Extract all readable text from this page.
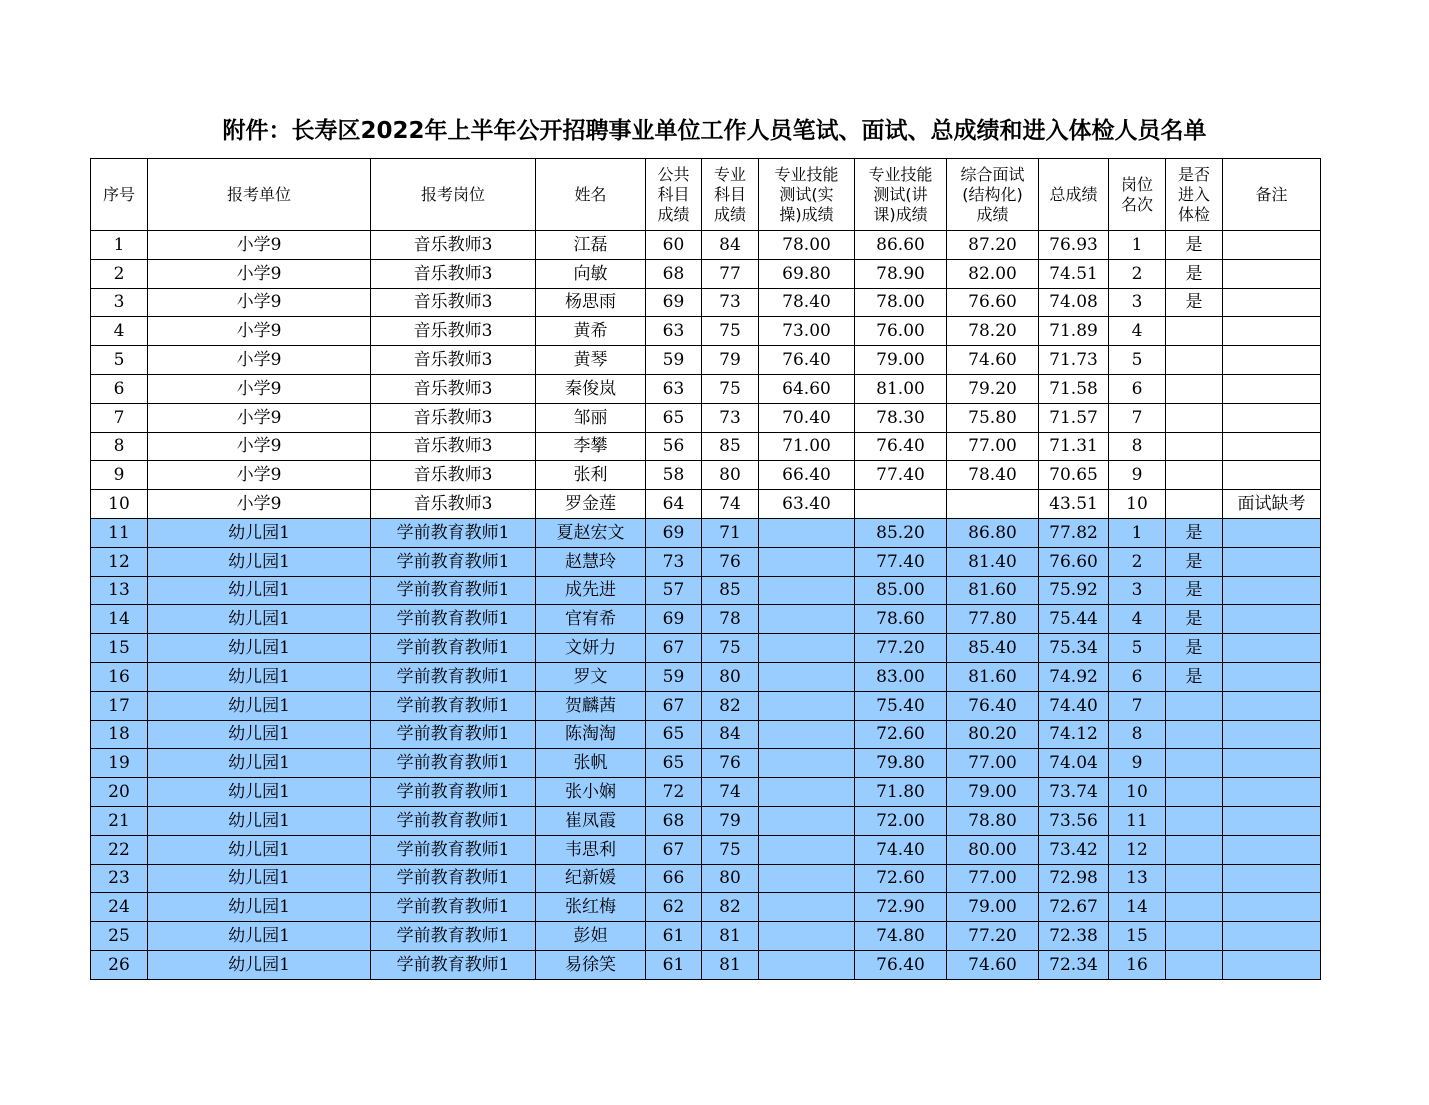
附件：长寿区2022年上半年公开招聘事业单位工作人员笔试、面试、总成绩和进入体检人员名单
序号	报考单位	报考岗位	姓名	公共
科目
成绩	专业
科目
成绩	专业技能
测试(实
操)成绩	专业技能
测试(讲
课)成绩	综合面试
(结构化)
成绩	总成绩	岗位
名次	是否
进入
体检	备注
1	小学9	音乐教师3	江磊	60	84	78.00	86.60	87.20	76.93	1	是	
2	小学9	音乐教师3	向敏	68	77	69.80	78.90	82.00	74.51	2	是	
3	小学9	音乐教师3	杨思雨	69	73	78.40	78.00	76.60	74.08	3	是	
4	小学9	音乐教师3	黄希	63	75	73.00	76.00	78.20	71.89	4		
5	小学9	音乐教师3	黄琴	59	79	76.40	79.00	74.60	71.73	5		
6	小学9	音乐教师3	秦俊岚	63	75	64.60	81.00	79.20	71.58	6		
7	小学9	音乐教师3	邹丽	65	73	70.40	78.30	75.80	71.57	7		
8	小学9	音乐教师3	李攀	56	85	71.00	76.40	77.00	71.31	8		
9	小学9	音乐教师3	张利	58	80	66.40	77.40	78.40	70.65	9		
10	小学9	音乐教师3	罗金莲	64	74	63.40			43.51	10		面试缺考
11	幼儿园1	学前教育教师1	夏赵宏文	69	71		85.20	86.80	77.82	1	是	
12	幼儿园1	学前教育教师1	赵慧玲	73	76		77.40	81.40	76.60	2	是	
13	幼儿园1	学前教育教师1	成先进	57	85		85.00	81.60	75.92	3	是	
14	幼儿园1	学前教育教师1	官宥希	69	78		78.60	77.80	75.44	4	是	
15	幼儿园1	学前教育教师1	文妍力	67	75		77.20	85.40	75.34	5	是	
16	幼儿园1	学前教育教师1	罗文	59	80		83.00	81.60	74.92	6	是	
17	幼儿园1	学前教育教师1	贺麟茜	67	82		75.40	76.40	74.40	7		
18	幼儿园1	学前教育教师1	陈淘淘	65	84		72.60	80.20	74.12	8		
19	幼儿园1	学前教育教师1	张帆	65	76		79.80	77.00	74.04	9		
20	幼儿园1	学前教育教师1	张小娴	72	74		71.80	79.00	73.74	10		
21	幼儿园1	学前教育教师1	崔凤霞	68	79		72.00	78.80	73.56	11		
22	幼儿园1	学前教育教师1	韦思利	67	75		74.40	80.00	73.42	12		
23	幼儿园1	学前教育教师1	纪新媛	66	80		72.60	77.00	72.98	13		
24	幼儿园1	学前教育教师1	张红梅	62	82		72.90	79.00	72.67	14		
25	幼儿园1	学前教育教师1	彭妲	61	81		74.80	77.20	72.38	15		
26	幼儿园1	学前教育教师1	易徐笑	61	81		76.40	74.60	72.34	16		
